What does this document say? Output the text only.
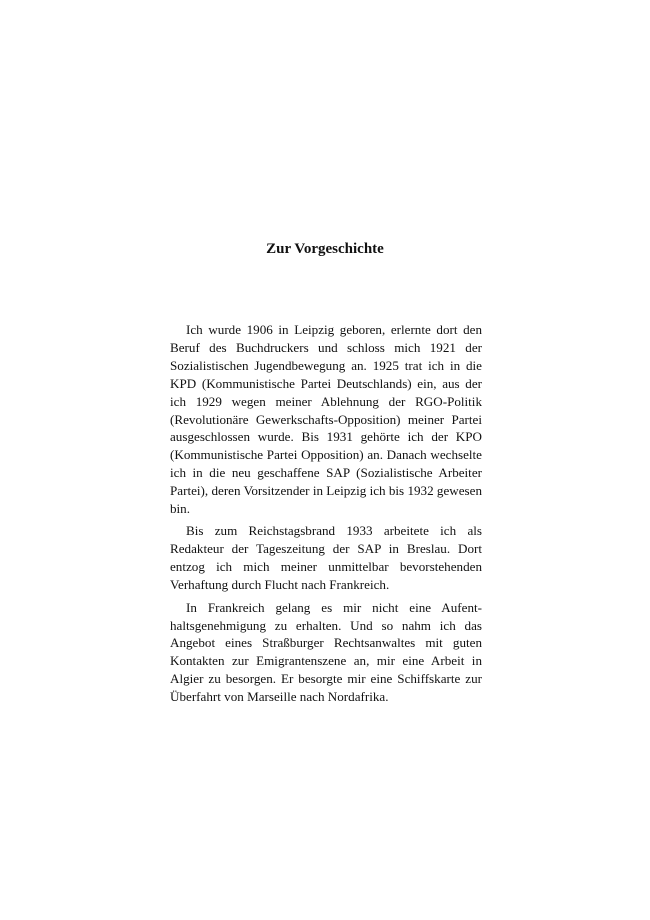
Zur Vorgeschichte

Ich wurde 1906 in Leipzig geboren, erlernte dort den Beruf des Buchdruckers und schloss mich 1921 der Sozialistischen Jugendbewegung an. 1925 trat ich in die KPD (Kommunistische Partei Deutschlands) ein, aus der ich 1929 wegen meiner Ablehnung der RGO-Politik (Revolutionäre Gewerkschafts-Opposition) meiner Partei ausgeschlossen wurde. Bis 1931 gehörte ich der KPO (Kommunistische Partei Opposition) an. Danach wechselte ich in die neu geschaffene SAP (Sozialistische Arbeiter Partei), deren Vorsitzender in Leipzig ich bis 1932 gewesen bin.

Bis zum Reichstagsbrand 1933 arbeitete ich als Redakteur der Tageszeitung der SAP in Breslau. Dort entzog ich mich meiner unmittelbar bevorstehenden Verhaftung durch Flucht nach Frankreich.

In Frankreich gelang es mir nicht eine Aufenthaltsgenehmigung zu erhalten. Und so nahm ich das Angebot eines Straßburger Rechtsanwaltes mit guten Kontakten zur Emigrantenszene an, mir eine Arbeit in Algier zu besorgen. Er besorgte mir eine Schiffskarte zur Überfahrt von Marseille nach Nordafrika.
